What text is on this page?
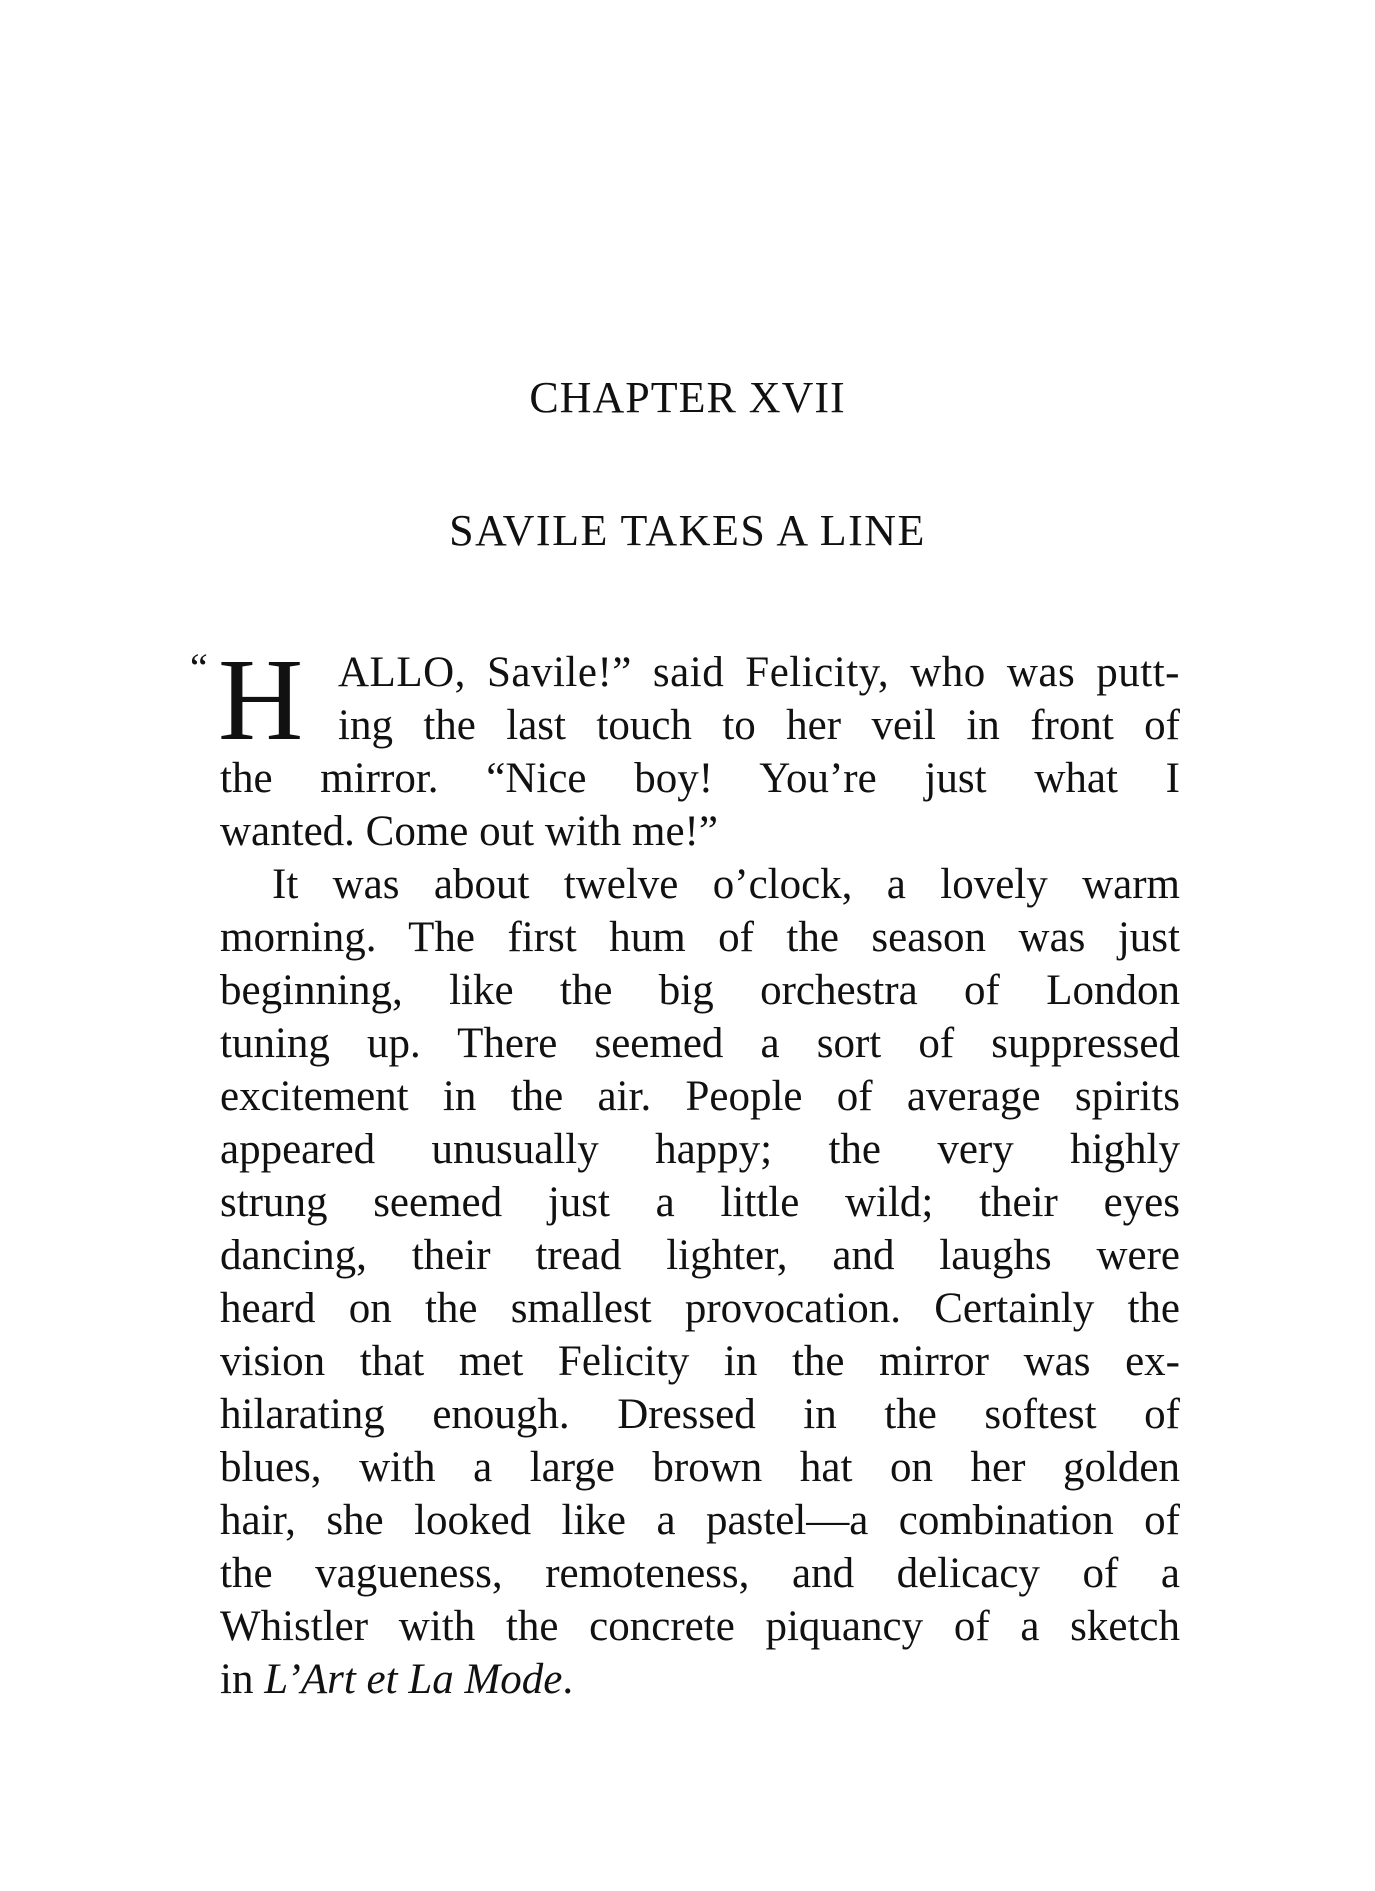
CHAPTER XVII
SAVILE TAKES A LINE
“ H ALLO, Savile!” said Felicity, who was putt-
ing the last touch to her veil in front of
the mirror. “Nice boy! You’re just what I
wanted. Come out with me!”
It was about twelve o’clock, a lovely warm
morning. The first hum of the season was just
beginning, like the big orchestra of London
tuning up. There seemed a sort of suppressed
excitement in the air. People of average spirits
appeared unusually happy; the very highly
strung seemed just a little wild; their eyes
dancing, their tread lighter, and laughs were
heard on the smallest provocation. Certainly the
vision that met Felicity in the mirror was ex-
hilarating enough. Dressed in the softest of
blues, with a large brown hat on her golden
hair, she looked like a pastel—a combination of
the vagueness, remoteness, and delicacy of a
Whistler with the concrete piquancy of a sketch
in L’Art et La Mode.
